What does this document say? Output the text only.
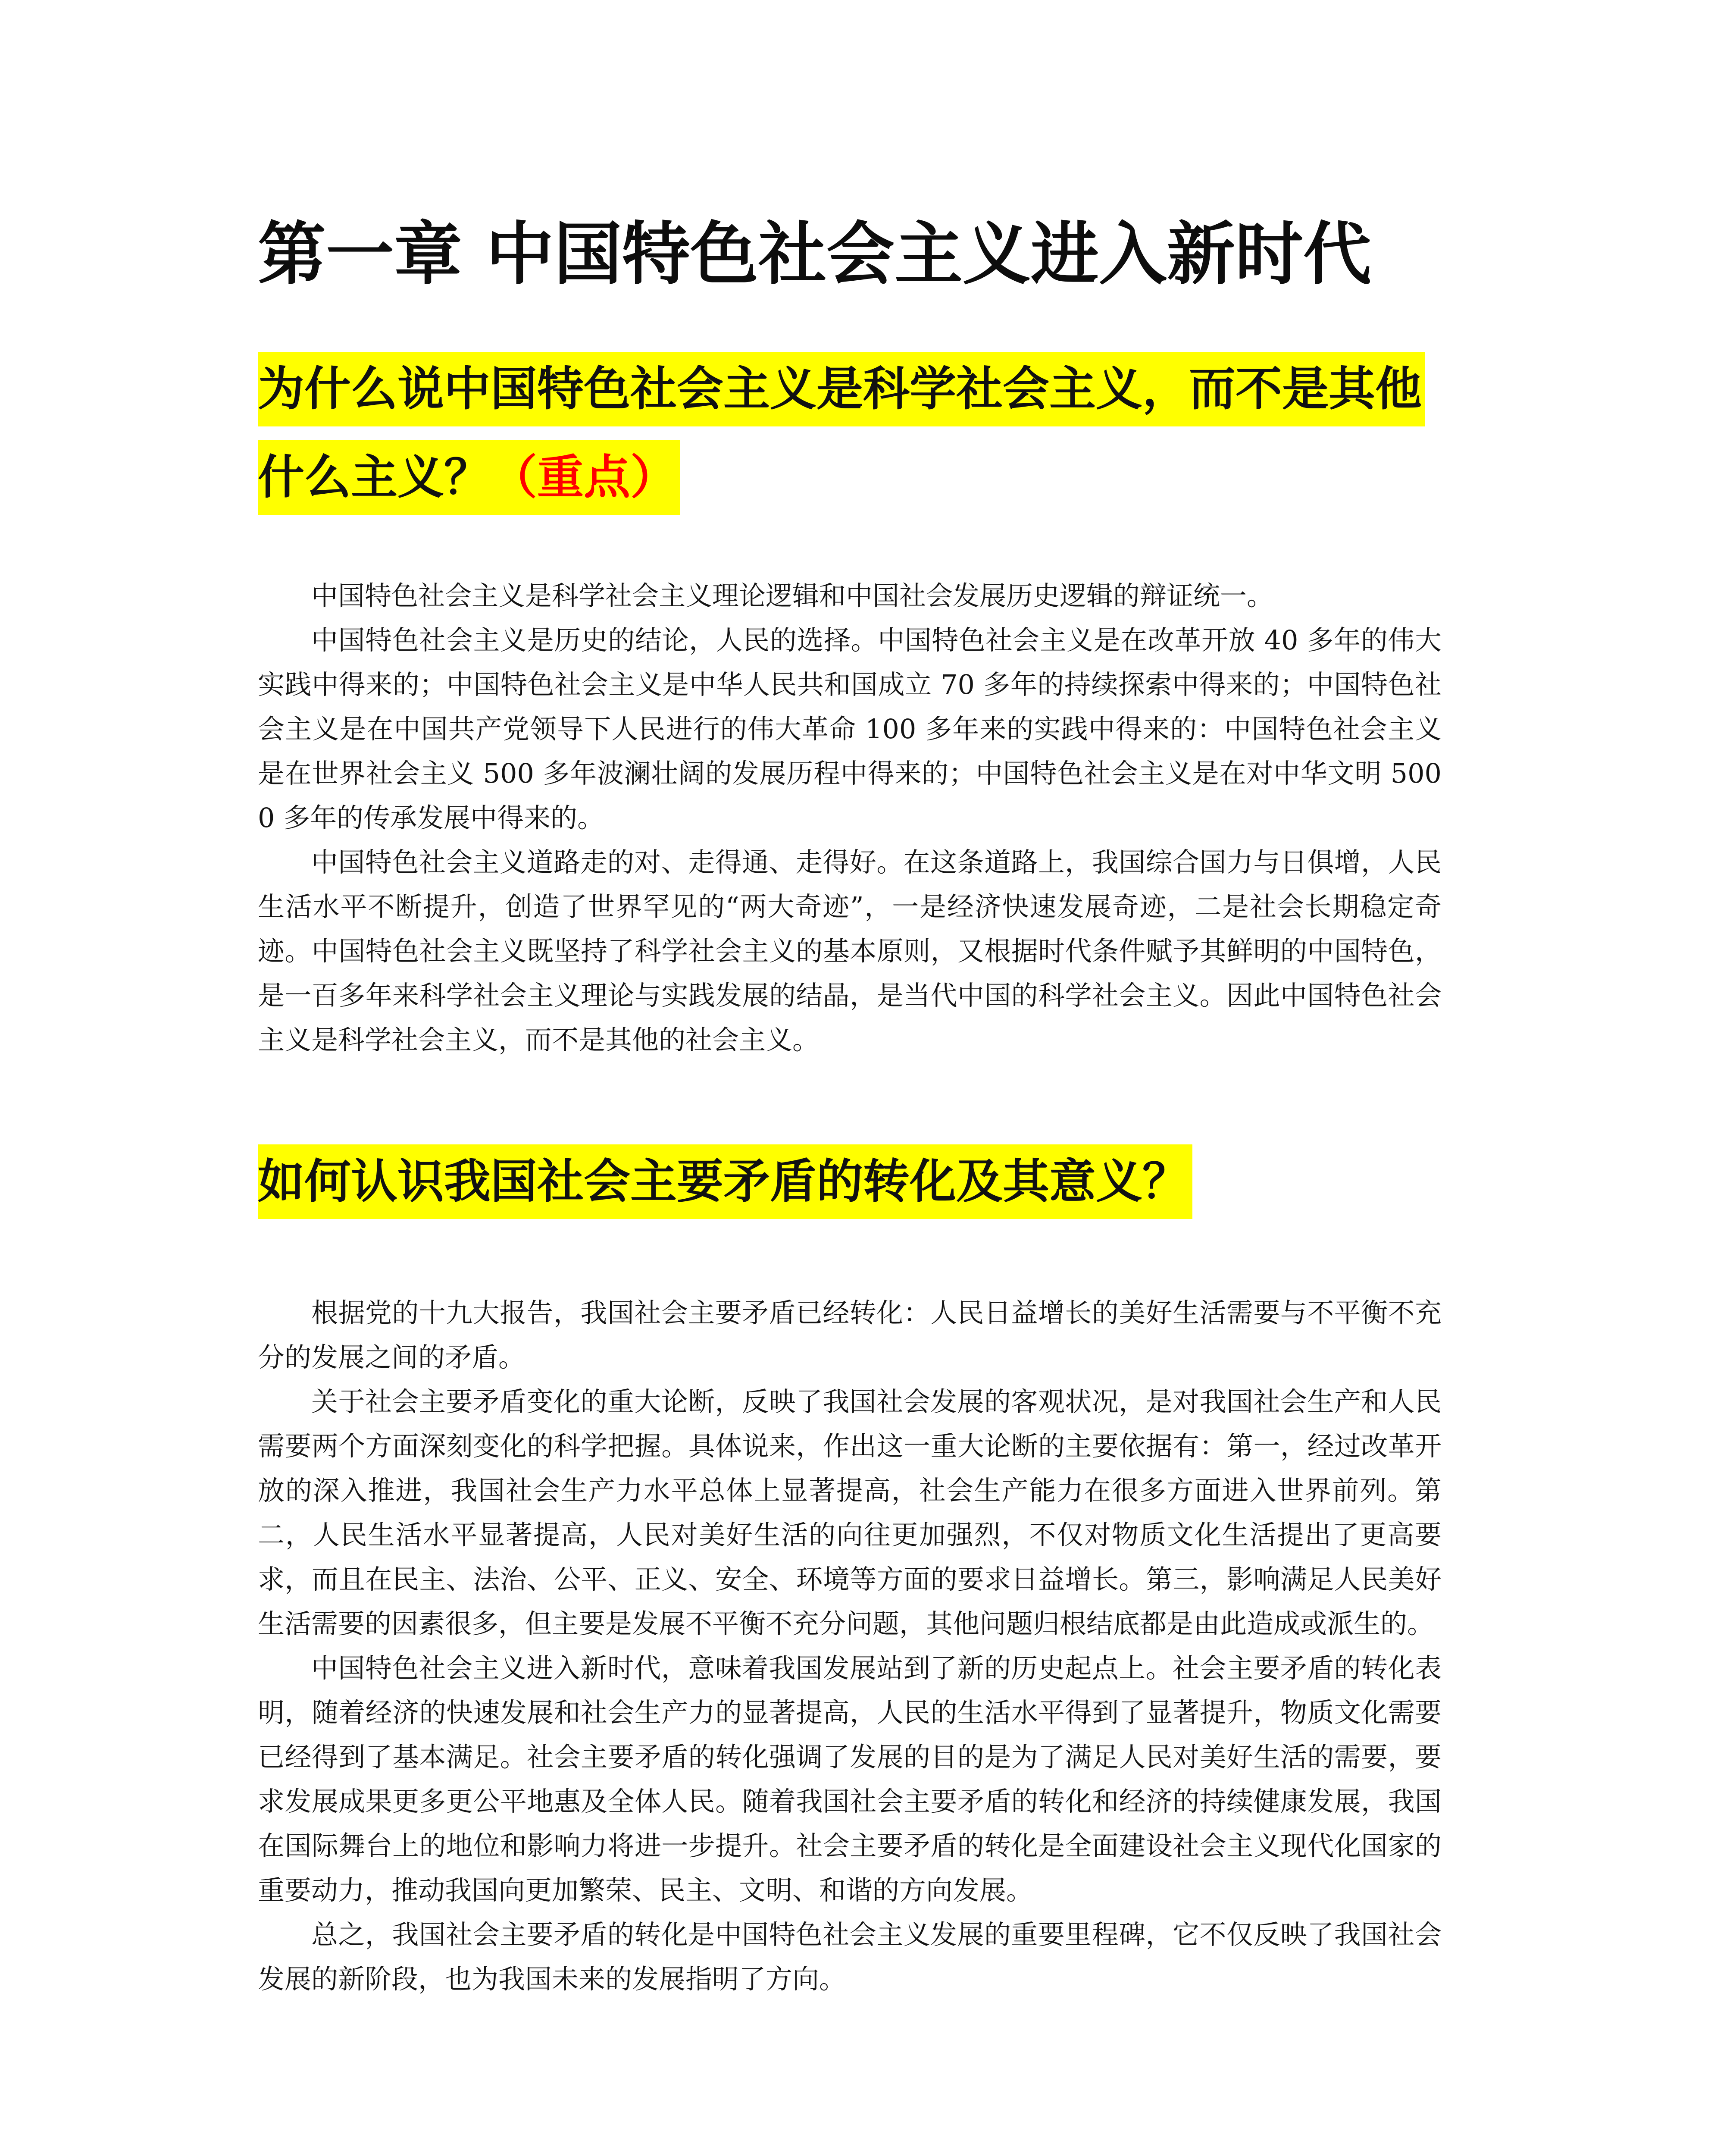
第一章 中国特色社会主义进入新时代
为什么说中国特色社会主义是科学社会主义，而不是其他什么主义？（重点）

中国特色社会主义是科学社会主义理论逻辑和中国社会发展历史逻辑的辩证统一。

中国特色社会主义是历史的结论，人民的选择。中国特色社会主义是在改革开放 40 多年的伟大实践中得来的；中国特色社会主义是中华人民共和国成立 70 多年的持续探索中得来的；中国特色社会主义是在中国共产党领导下人民进行的伟大革命 100 多年来的实践中得来的：中国特色社会主义是在世界社会主义 500 多年波澜壮阔的发展历程中得来的；中国特色社会主义是在对中华文明 5000 多年的传承发展中得来的。

中国特色社会主义道路走的对、走得通、走得好。在这条道路上，我国综合国力与日俱增，人民生活水平不断提升，创造了世界罕见的“两大奇迹”，一是经济快速发展奇迹，二是社会长期稳定奇迹。中国特色社会主义既坚持了科学社会主义的基本原则，又根据时代条件赋予其鲜明的中国特色，是一百多年来科学社会主义理论与实践发展的结晶，是当代中国的科学社会主义。因此中国特色社会主义是科学社会主义，而不是其他的社会主义。

如何认识我国社会主要矛盾的转化及其意义？

根据党的十九大报告，我国社会主要矛盾已经转化：人民日益增长的美好生活需要与不平衡不充分的发展之间的矛盾。

关于社会主要矛盾变化的重大论断，反映了我国社会发展的客观状况，是对我国社会生产和人民需要两个方面深刻变化的科学把握。具体说来，作出这一重大论断的主要依据有：第一，经过改革开放的深入推进，我国社会生产力水平总体上显著提高，社会生产能力在很多方面进入世界前列。第二，人民生活水平显著提高，人民对美好生活的向往更加强烈，不仅对物质文化生活提出了更高要求，而且在民主、法治、公平、正义、安全、环境等方面的要求日益增长。第三，影响满足人民美好生活需要的因素很多，但主要是发展不平衡不充分问题，其他问题归根结底都是由此造成或派生的。

中国特色社会主义进入新时代，意味着我国发展站到了新的历史起点上。社会主要矛盾的转化表明，随着经济的快速发展和社会生产力的显著提高，人民的生活水平得到了显著提升，物质文化需要已经得到了基本满足。社会主要矛盾的转化强调了发展的目的是为了满足人民对美好生活的需要，要求发展成果更多更公平地惠及全体人民。随着我国社会主要矛盾的转化和经济的持续健康发展，我国在国际舞台上的地位和影响力将进一步提升。社会主要矛盾的转化是全面建设社会主义现代化国家的重要动力，推动我国向更加繁荣、民主、文明、和谐的方向发展。

总之，我国社会主要矛盾的转化是中国特色社会主义发展的重要里程碑，它不仅反映了我国社会发展的新阶段，也为我国未来的发展指明了方向。
